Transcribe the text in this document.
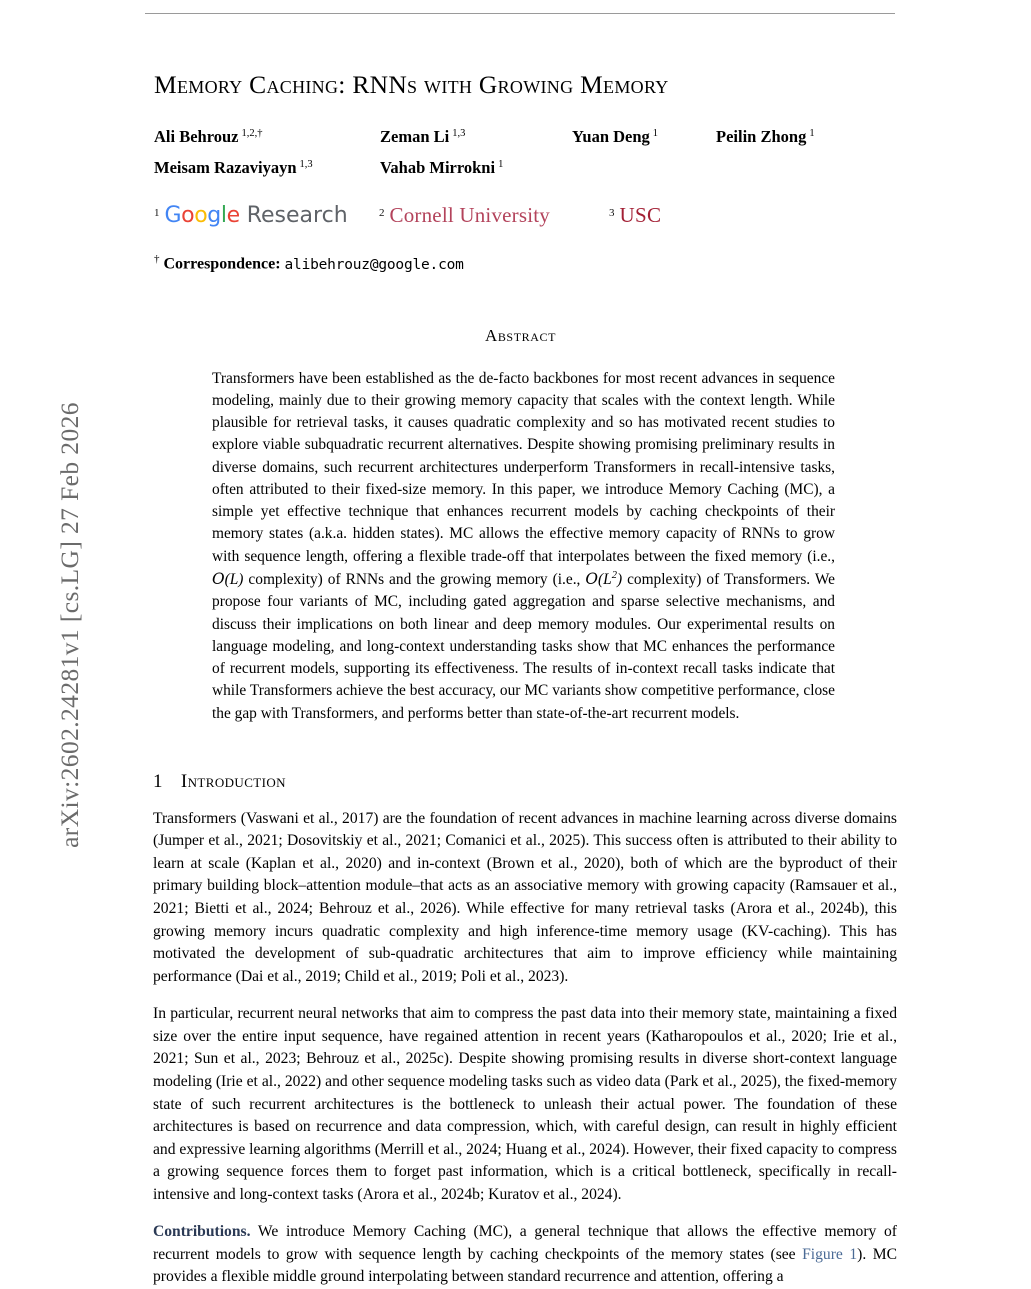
arXiv:2602.24281v1 [cs.LG] 27 Feb 2026
Memory Caching: RNNs with Growing Memory
Ali Behrouz $^{1,2,\dagger}$	Zeman Li $^{1,3}$	Yuan Deng $^1$	Peilin Zhong $^1$
Meisam Razaviyayn $^{1,3}$	Vahab Mirrokni $^1$
$^1$ Google Research	$^2$ Cornell University	$^3$ USC
† Correspondence: alibehrouz@google.com
Abstract

Transformers have been established as the de-facto backbones for most recent advances in sequence modeling, mainly due to their growing memory capacity that scales with the context length. While plausible for retrieval tasks, it causes quadratic complexity and so has motivated recent studies to explore viable subquadratic recurrent alternatives. Despite showing promising preliminary results in diverse domains, such recurrent architectures underperform Transformers in recall-intensive tasks, often attributed to their fixed-size memory. In this paper, we introduce Memory Caching (MC), a simple yet effective technique that enhances recurrent models by caching checkpoints of their memory states (a.k.a. hidden states). MC allows the effective memory capacity of RNNs to grow with sequence length, offering a flexible trade-off that interpolates between the fixed memory (i.e., O(L) complexity) of RNNs and the growing memory (i.e., $O(L^2)$ complexity) of Transformers. We propose four variants of MC, including gated aggregation and sparse selective mechanisms, and discuss their implications on both linear and deep memory modules. Our experimental results on language modeling, and long-context understanding tasks show that MC enhances the performance of recurrent models, supporting its effectiveness. The results of in-context recall tasks indicate that while Transformers achieve the best accuracy, our MC variants show competitive performance, close the gap with Transformers, and performs better than state-of-the-art recurrent models.

1 Introduction

Transformers (Vaswani et al., 2017) are the foundation of recent advances in machine learning across diverse domains (Jumper et al., 2021; Dosovitskiy et al., 2021; Comanici et al., 2025). This success often is attributed to their ability to learn at scale (Kaplan et al., 2020) and in-context (Brown et al., 2020), both of which are the byproduct of their primary building block–attention module–that acts as an associative memory with growing capacity (Ramsauer et al., 2021; Bietti et al., 2024; Behrouz et al., 2026). While effective for many retrieval tasks (Arora et al., 2024b), this growing memory incurs quadratic complexity and high inference-time memory usage (KV-caching). This has motivated the development of sub-quadratic architectures that aim to improve efficiency while maintaining performance (Dai et al., 2019; Child et al., 2019; Poli et al., 2023).

In particular, recurrent neural networks that aim to compress the past data into their memory state, maintaining a fixed size over the entire input sequence, have regained attention in recent years (Katharopoulos et al., 2020; Irie et al., 2021; Sun et al., 2023; Behrouz et al., 2025c). Despite showing promising results in diverse short-context language modeling (Irie et al., 2022) and other sequence modeling tasks such as video data (Park et al., 2025), the fixed-memory state of such recurrent architectures is the bottleneck to unleash their actual power. The foundation of these architectures is based on recurrence and data compression, which, with careful design, can result in highly efficient and expressive learning algorithms (Merrill et al., 2024; Huang et al., 2024). However, their fixed capacity to compress a growing sequence forces them to forget past information, which is a critical bottleneck, specifically in recall-intensive and long-context tasks (Arora et al., 2024b; Kuratov et al., 2024).

Contributions. We introduce Memory Caching (MC), a general technique that allows the effective memory of recurrent models to grow with sequence length by caching checkpoints of the memory states (see Figure 1). MC provides a flexible middle ground interpolating between standard recurrence and attention, offering a
